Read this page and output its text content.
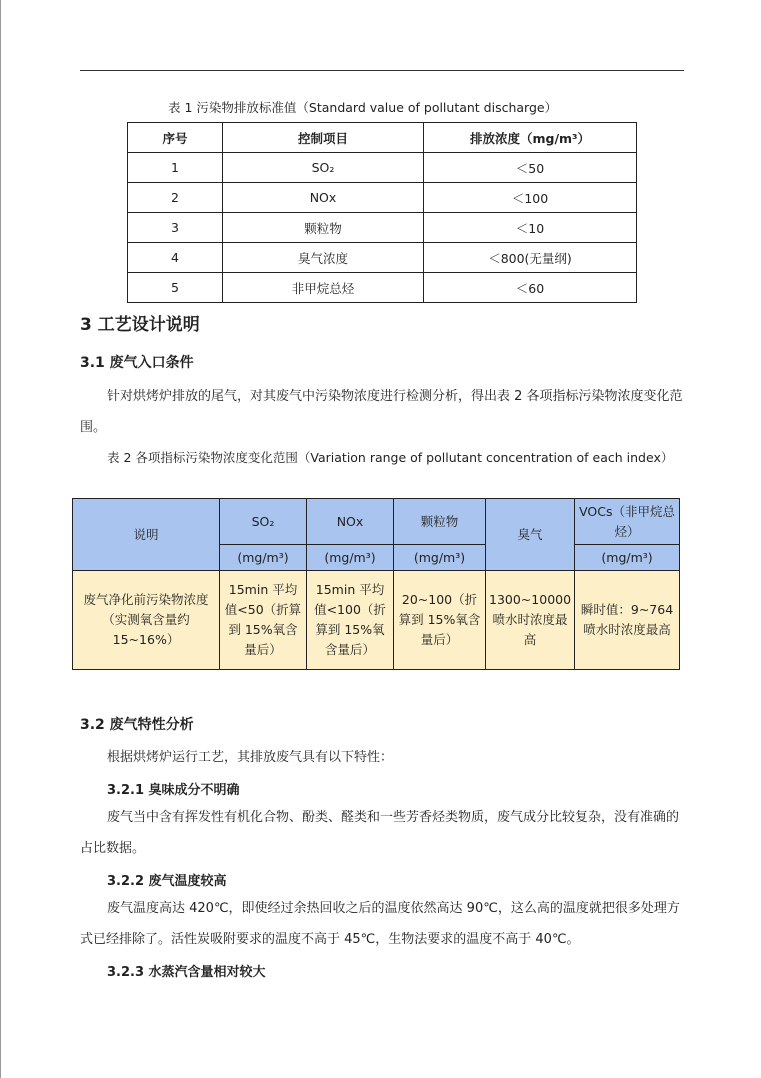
表 1 污染物排放标准值（Standard value of pollutant discharge）
序号	控制项目	排放浓度（mg/m³）
1	SO₂	＜50
2	NOx	＜100
3	颗粒物	＜10
4	臭气浓度	＜800(无量纲)
5	非甲烷总烃	＜60
3 工艺设计说明
3.1 废气入口条件
针对烘烤炉排放的尾气，对其废气中污染物浓度进行检测分析，得出表 2 各项指标污染物浓度变化范围。
表 2 各项指标污染物浓度变化范围（Variation range of pollutant concentration of each index）
说明	SO₂	NOx	颗粒物	臭气	VOCs（非甲烷总烃）
	(mg/m³)	(mg/m³)	(mg/m³)		(mg/m³)
废气净化前污染物浓度（实测氧含量约 15~16%）	15min 平均值<50（折算到 15%氧含量后）	15min 平均值<100（折算到 15%氧含量后）	20~100（折算到 15%氧含量后）	1300~10000 喷水时浓度最高	瞬时值：9~764 喷水时浓度最高
3.2 废气特性分析
根据烘烤炉运行工艺，其排放废气具有以下特性：
3.2.1 臭味成分不明确
废气当中含有挥发性有机化合物、酚类、醛类和一些芳香烃类物质，废气成分比较复杂，没有准确的占比数据。
3.2.2 废气温度较高
废气温度高达 420℃，即使经过余热回收之后的温度依然高达 90℃，这么高的温度就把很多处理方式已经排除了。活性炭吸附要求的温度不高于 45℃，生物法要求的温度不高于 40℃。
3.2.3 水蒸汽含量相对较大
